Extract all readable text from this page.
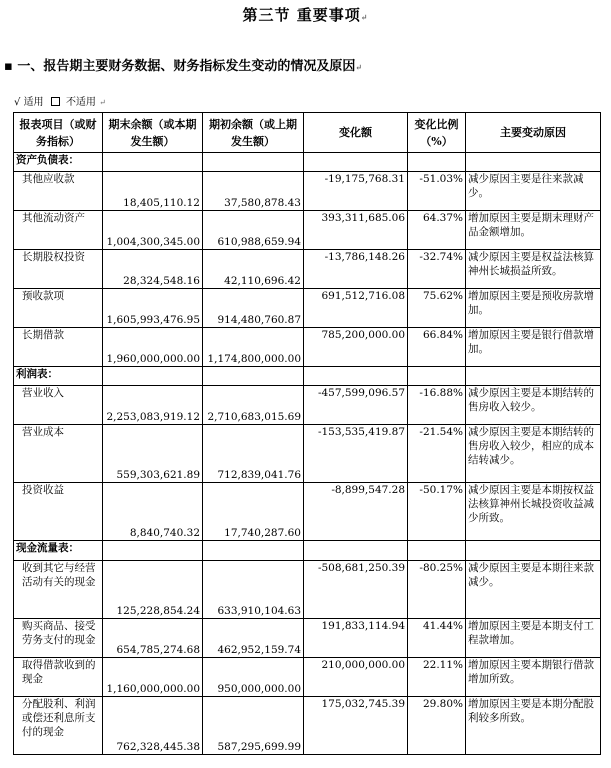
第三节 重要事项↵
▪ 一、报告期主要财务数据、财务指标发生变动的情况及原因↵
√ 适用 不适用 ↵
报表项目（或财务指标）	期末余额（或本期发生额）	期初余额（或上期发生额）	变化额	变化比例（%）	主要变动原因
资产负债表：					
其他应收款	18,405,110.12	37,580,878.43	-19,175,768.31	-51.03%	减少原因主要是往来款减少。
其他流动资产	1,004,300,345.00	610,988,659.94	393,311,685.06	64.37%	增加原因主要是期末理财产品金额增加。
长期股权投资	28,324,548.16	42,110,696.42	-13,786,148.26	-32.74%	减少原因主要是权益法核算神州长城损益所致。
预收款项	1,605,993,476.95	914,480,760.87	691,512,716.08	75.62%	增加原因主要是预收房款增加。
长期借款	1,960,000,000.00	1,174,800,000.00	785,200,000.00	66.84%	增加原因主要是银行借款增加。
利润表：					
营业收入	2,253,083,919.12	2,710,683,015.69	-457,599,096.57	-16.88%	减少原因主要是本期结转的售房收入较少。
营业成本	559,303,621.89	712,839,041.76	-153,535,419.87	-21.54%	减少原因主要是本期结转的售房收入较少，相应的成本结转减少。
投资收益	8,840,740.32	17,740,287.60	-8,899,547.28	-50.17%	减少原因主要是本期按权益法核算神州长城投资收益减少所致。
现金流量表：					
收到其它与经营活动有关的现金	125,228,854.24	633,910,104.63	-508,681,250.39	-80.25%	减少原因主要是本期往来款减少。
购买商品、接受劳务支付的现金	654,785,274.68	462,952,159.74	191,833,114.94	41.44%	增加原因主要是本期支付工程款增加。
取得借款收到的现金	1,160,000,000.00	950,000,000.00	210,000,000.00	22.11%	增加原因主要本期银行借款增加所致。
分配股利、利润或偿还利息所支付的现金	762,328,445.38	587,295,699.99	175,032,745.39	29.80%	增加原因主要是本期分配股利较多所致。
